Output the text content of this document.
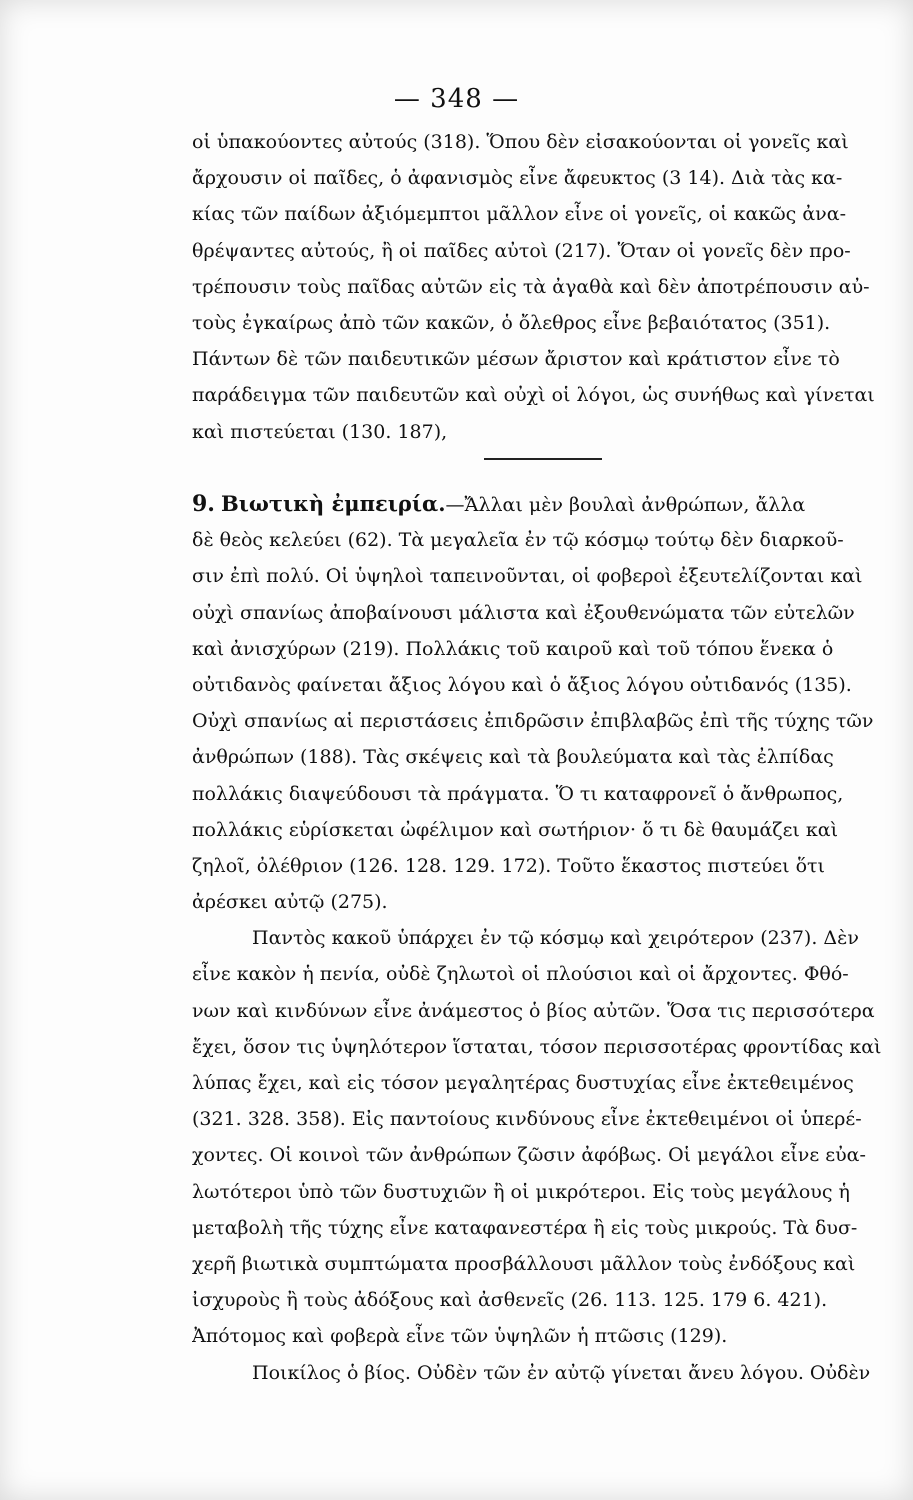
— 348 —
οἱ ὑπακούοντες αὐτούς (318). Ὅπου δὲν εἰσακούονται οἱ γονεῖς καὶ
ἄρχουσιν οἱ παῖδες, ὁ ἀφανισμὸς εἶνε ἄφευκτος (3 14). Διὰ τὰς κα-
κίας τῶν παίδων ἀξιόμεμπτοι μᾶλλον εἶνε οἱ γονεῖς, οἱ κακῶς ἀνα-
θρέψαντες αὐτούς, ἢ οἱ παῖδες αὐτοὶ (217). Ὅταν οἱ γονεῖς δὲν προ-
τρέπουσιν τοὺς παῖδας αὐτῶν εἰς τὰ ἀγαθὰ καὶ δὲν ἀποτρέπουσιν αὐ-
τοὺς ἐγκαίρως ἀπὸ τῶν κακῶν, ὁ ὄλεθρος εἶνε βεβαιότατος (351).
Πάντων δὲ τῶν παιδευτικῶν μέσων ἄριστον καὶ κράτιστον εἶνε τὸ
παράδειγμα τῶν παιδευτῶν καὶ οὐχὶ οἱ λόγοι, ὡς συνήθως καὶ γίνεται
καὶ πιστεύεται (130. 187),
9. Βιωτικὴ ἐμπειρία.—Ἄλλαι μὲν βουλαὶ ἀνθρώπων, ἄλλα
δὲ θεὸς κελεύει (62). Τὰ μεγαλεῖα ἐν τῷ κόσμῳ τούτῳ δὲν διαρκοῦ-
σιν ἐπὶ πολύ. Οἱ ὑψηλοὶ ταπεινοῦνται, οἱ φοβεροὶ ἐξευτελίζονται καὶ
οὐχὶ σπανίως ἀποβαίνουσι μάλιστα καὶ ἐξουθενώματα τῶν εὐτελῶν
καὶ ἀνισχύρων (219). Πολλάκις τοῦ καιροῦ καὶ τοῦ τόπου ἕνεκα ὁ
οὐτιδανὸς φαίνεται ἄξιος λόγου καὶ ὁ ἄξιος λόγου οὐτιδανός (135).
Οὐχὶ σπανίως αἱ περιστάσεις ἐπιδρῶσιν ἐπιβλαβῶς ἐπὶ τῆς τύχης τῶν
ἀνθρώπων (188). Τὰς σκέψεις καὶ τὰ βουλεύματα καὶ τὰς ἐλπίδας
πολλάκις διαψεύδουσι τὰ πράγματα. Ὅ τι καταφρονεῖ ὁ ἄνθρωπος,
πολλάκις εὑρίσκεται ὠφέλιμον καὶ σωτήριον· ὅ τι δὲ θαυμάζει καὶ
ζηλοῖ, ὀλέθριον (126. 128. 129. 172). Τοῦτο ἕκαστος πιστεύει ὅτι
ἀρέσκει αὐτῷ (275).
Παντὸς κακοῦ ὑπάρχει ἐν τῷ κόσμῳ καὶ χειρότερον (237). Δὲν
εἶνε κακὸν ἡ πενία, οὐδὲ ζηλωτοὶ οἱ πλούσιοι καὶ οἱ ἄρχοντες. Φθό-
νων καὶ κινδύνων εἶνε ἀνάμεστος ὁ βίος αὐτῶν. Ὅσα τις περισσότερα
ἔχει, ὅσον τις ὑψηλότερον ἵσταται, τόσον περισσοτέρας φροντίδας καὶ
λύπας ἔχει, καὶ εἰς τόσον μεγαλητέρας δυστυχίας εἶνε ἐκτεθειμένος
(321. 328. 358). Εἰς παντοίους κινδύνους εἶνε ἐκτεθειμένοι οἱ ὑπερέ-
χοντες. Οἱ κοινοὶ τῶν ἀνθρώπων ζῶσιν ἀφόβως. Οἱ μεγάλοι εἶνε εὐα-
λωτότεροι ὑπὸ τῶν δυστυχιῶν ἢ οἱ μικρότεροι. Εἰς τοὺς μεγάλους ἡ
μεταβολὴ τῆς τύχης εἶνε καταφανεστέρα ἢ εἰς τοὺς μικρούς. Τὰ δυσ-
χερῆ βιωτικὰ συμπτώματα προσβάλλουσι μᾶλλον τοὺς ἐνδόξους καὶ
ἰσχυροὺς ἢ τοὺς ἀδόξους καὶ ἀσθενεῖς (26. 113. 125. 179 6. 421).
Ἀπότομος καὶ φοβερὰ εἶνε τῶν ὑψηλῶν ἡ πτῶσις (129).
Ποικίλος ὁ βίος. Οὐδὲν τῶν ἐν αὐτῷ γίνεται ἄνευ λόγου. Οὐδὲν
